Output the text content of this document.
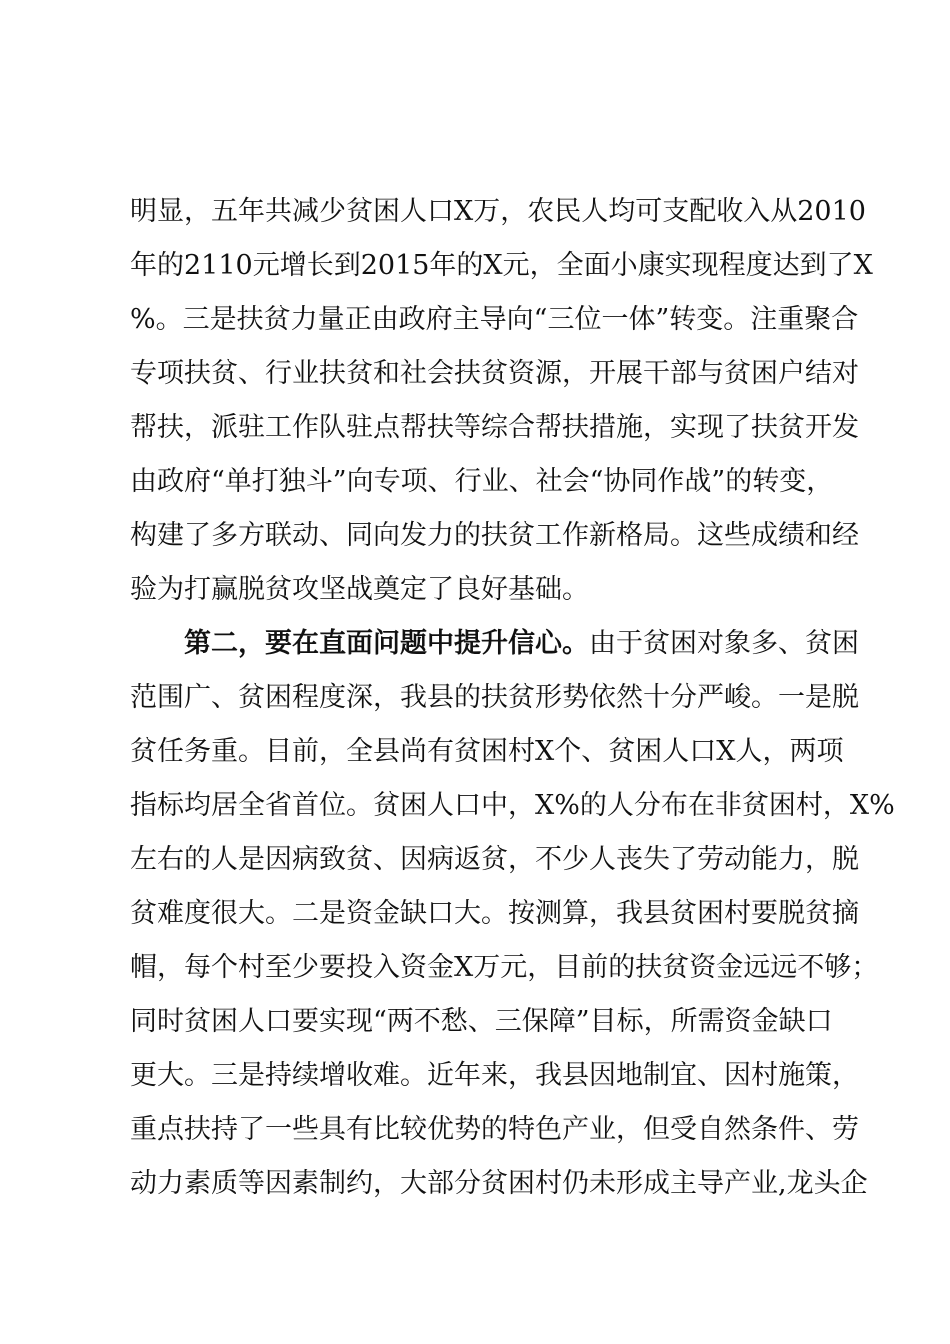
明显，五年共减少贫困人口X万，农民人均可支配收入从2010
年的2110元增长到2015年的X元，全面小康实现程度达到了X
%。三是扶贫力量正由政府主导向“三位一体”转变。注重聚合
专项扶贫、行业扶贫和社会扶贫资源，开展干部与贫困户结对
帮扶，派驻工作队驻点帮扶等综合帮扶措施，实现了扶贫开发
由政府“单打独斗”向专项、行业、社会“协同作战”的转变，
构建了多方联动、同向发力的扶贫工作新格局。这些成绩和经
验为打赢脱贫攻坚战奠定了良好基础。
第二，要在直面问题中提升信心。由于贫困对象多、贫困
范围广、贫困程度深，我县的扶贫形势依然十分严峻。一是脱
贫任务重。目前，全县尚有贫困村X个、贫困人口X人，两项
指标均居全省首位。贫困人口中，X%的人分布在非贫困村，X%
左右的人是因病致贫、因病返贫，不少人丧失了劳动能力，脱
贫难度很大。二是资金缺口大。按测算，我县贫困村要脱贫摘
帽，每个村至少要投入资金X万元，目前的扶贫资金远远不够；
同时贫困人口要实现“两不愁、三保障”目标，所需资金缺口
更大。三是持续增收难。近年来，我县因地制宜、因村施策，
重点扶持了一些具有比较优势的特色产业，但受自然条件、劳
动力素质等因素制约，大部分贫困村仍未形成主导产业,龙头企
